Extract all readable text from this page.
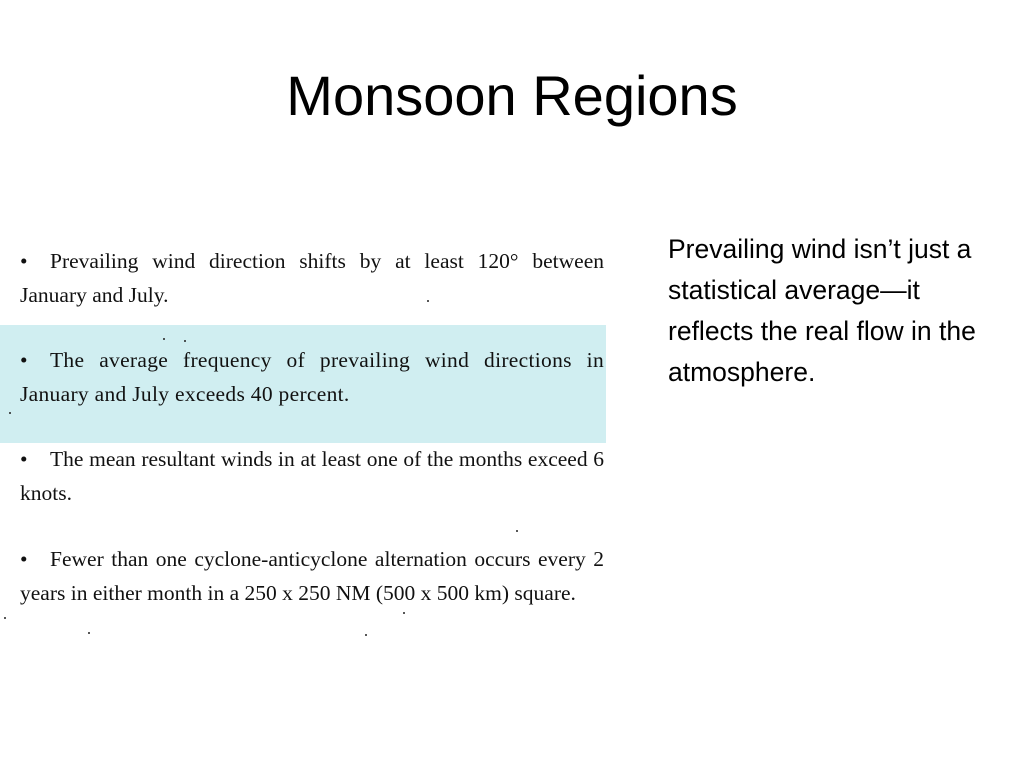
Monsoon Regions
• Prevailing wind direction shifts by at least 120° between January and July.
• The average frequency of prevailing wind directions in January and July exceeds 40 percent.
• The mean resultant winds in at least one of the months exceed 6 knots.
• Fewer than one cyclone-anticyclone alternation occurs every 2 years in either month in a 250 x 250 NM (500 x 500 km) square.
Prevailing wind isn’t just a statistical average—it reflects the real flow in the atmosphere.
